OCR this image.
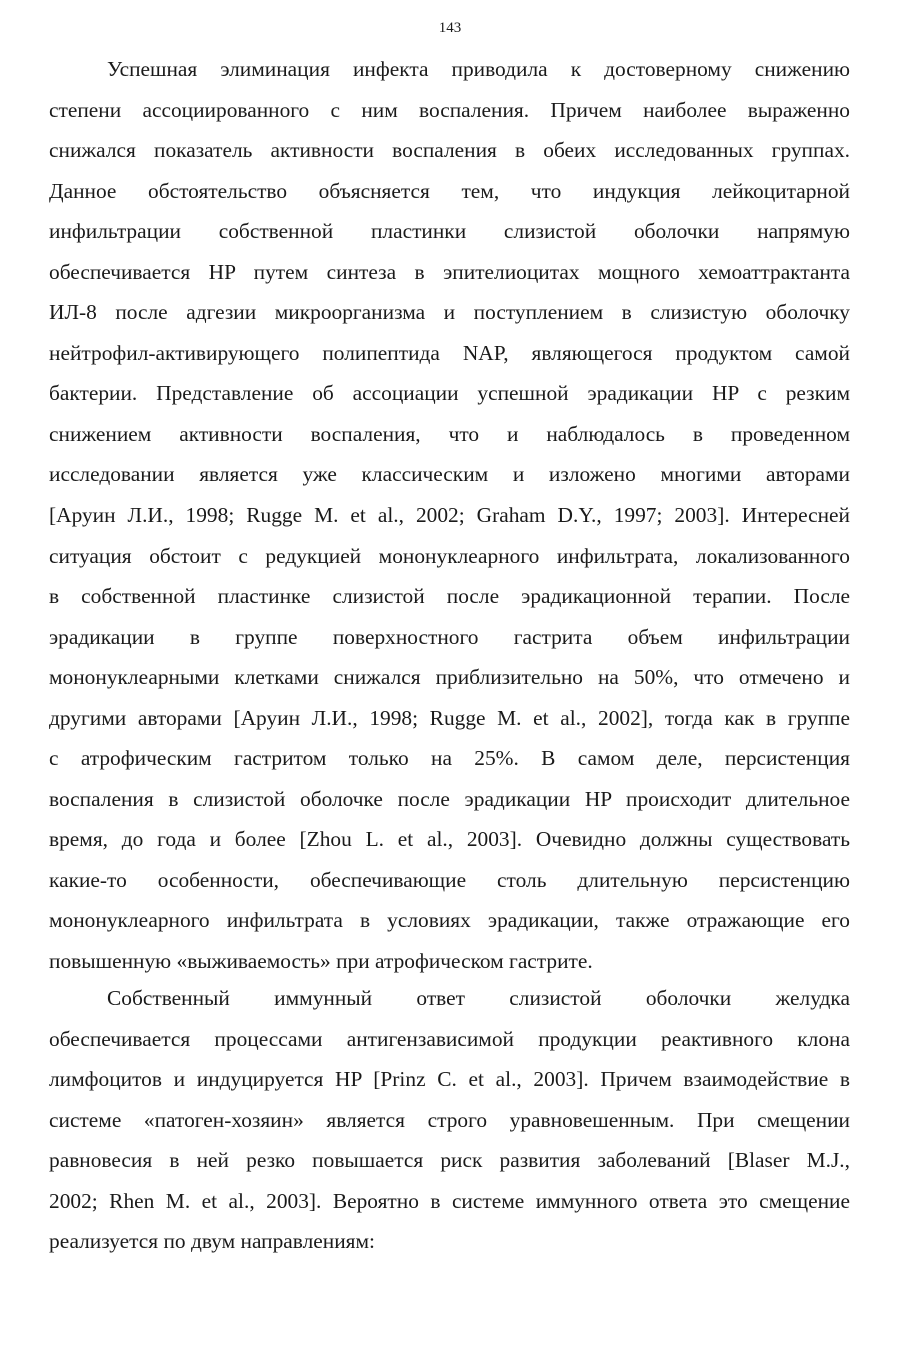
143
Успешная элиминация инфекта приводила к достоверному снижению
степени ассоциированного с ним воспаления. Причем наиболее выраженно
снижался показатель активности воспаления в обеих исследованных группах.
Данное обстоятельство объясняется тем, что индукция лейкоцитарной
инфильтрации собственной пластинки слизистой оболочки напрямую
обеспечивается HP путем синтеза в эпителиоцитах мощного хемоаттрактанта
ИЛ-8 после адгезии микроорганизма и поступлением в слизистую оболочку
нейтрофил-активирующего полипептида NAP, являющегося продуктом самой
бактерии. Представление об ассоциации успешной эрадикации HP с резким
снижением активности воспаления, что и наблюдалось в проведенном
исследовании является уже классическим и изложено многими авторами
[Аруин Л.И., 1998; Rugge M. et al., 2002; Graham D.Y., 1997; 2003]. Интересней
ситуация обстоит с редукцией мононуклеарного инфильтрата, локализованного
в собственной пластинке слизистой после эрадикационной терапии. После
эрадикации в группе поверхностного гастрита объем инфильтрации
мононуклеарными клетками снижался приблизительно на 50%, что отмечено и
другими авторами [Аруин Л.И., 1998; Rugge M. et al., 2002], тогда как в группе
с атрофическим гастритом только на 25%. В самом деле, персистенция
воспаления в слизистой оболочке после эрадикации HP происходит длительное
время, до года и более [Zhou L. et al., 2003]. Очевидно должны существовать
какие-то особенности, обеспечивающие столь длительную персистенцию
мононуклеарного инфильтрата в условиях эрадикации, также отражающие его
повышенную «выживаемость» при атрофическом гастрите.
Собственный иммунный ответ слизистой оболочки желудка
обеспечивается процессами антигензависимой продукции реактивного клона
лимфоцитов и индуцируется HP [Prinz C. et al., 2003]. Причем взаимодействие в
системе «патоген-хозяин» является строго уравновешенным. При смещении
равновесия в ней резко повышается риск развития заболеваний [Blaser M.J.,
2002; Rhen M. et al., 2003]. Вероятно в системе иммунного ответа это смещение
реализуется по двум направлениям:
